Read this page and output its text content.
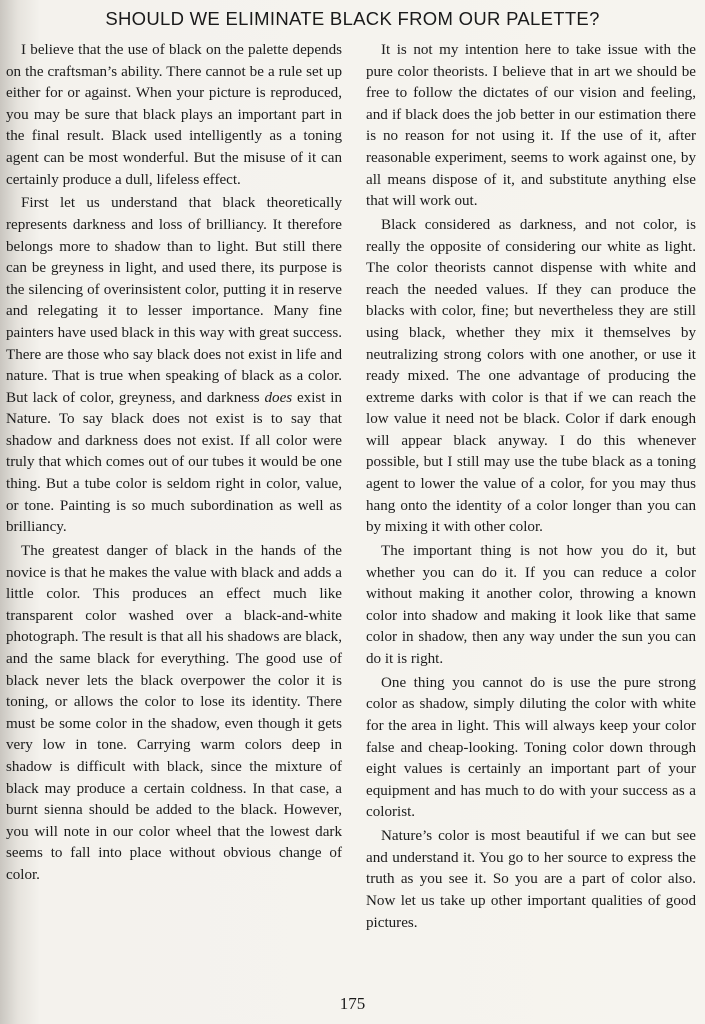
SHOULD WE ELIMINATE BLACK FROM OUR PALETTE?

I believe that the use of black on the palette depends on the craftsman’s ability. There cannot be a rule set up either for or against. When your picture is reproduced, you may be sure that black plays an important part in the final result. Black used intelligently as a toning agent can be most wonderful. But the misuse of it can certainly produce a dull, lifeless effect.

First let us understand that black theoretically represents darkness and loss of brilliancy. It therefore belongs more to shadow than to light. But still there can be greyness in light, and used there, its purpose is the silencing of overinsistent color, putting it in reserve and relegating it to lesser importance. Many fine painters have used black in this way with great success. There are those who say black does not exist in life and nature. That is true when speaking of black as a color. But lack of color, greyness, and darkness does exist in Nature. To say black does not exist is to say that shadow and darkness does not exist. If all color were truly that which comes out of our tubes it would be one thing. But a tube color is seldom right in color, value, or tone. Painting is so much subordination as well as brilliancy.

The greatest danger of black in the hands of the novice is that he makes the value with black and adds a little color. This produces an effect much like transparent color washed over a black-and-white photograph. The result is that all his shadows are black, and the same black for everything. The good use of black never lets the black overpower the color it is toning, or allows the color to lose its identity. There must be some color in the shadow, even though it gets very low in tone. Carrying warm colors deep in shadow is difficult with black, since the mixture of black may produce a certain coldness. In that case, a burnt sienna should be added to the black. However, you will note in our color wheel that the lowest dark seems to fall into place without obvious change of color.

It is not my intention here to take issue with the pure color theorists. I believe that in art we should be free to follow the dictates of our vision and feeling, and if black does the job better in our estimation there is no reason for not using it. If the use of it, after reasonable experiment, seems to work against one, by all means dispose of it, and substitute anything else that will work out.

Black considered as darkness, and not color, is really the opposite of considering our white as light. The color theorists cannot dispense with white and reach the needed values. If they can produce the blacks with color, fine; but nevertheless they are still using black, whether they mix it themselves by neutralizing strong colors with one another, or use it ready mixed. The one advantage of producing the extreme darks with color is that if we can reach the low value it need not be black. Color if dark enough will appear black anyway. I do this whenever possible, but I still may use the tube black as a toning agent to lower the value of a color, for you may thus hang onto the identity of a color longer than you can by mixing it with other color.

The important thing is not how you do it, but whether you can do it. If you can reduce a color without making it another color, throwing a known color into shadow and making it look like that same color in shadow, then any way under the sun you can do it is right.

One thing you cannot do is use the pure strong color as shadow, simply diluting the color with white for the area in light. This will always keep your color false and cheap-looking. Toning color down through eight values is certainly an important part of your equipment and has much to do with your success as a colorist.

Nature’s color is most beautiful if we can but see and understand it. You go to her source to express the truth as you see it. So you are a part of color also. Now let us take up other important qualities of good pictures.

175
